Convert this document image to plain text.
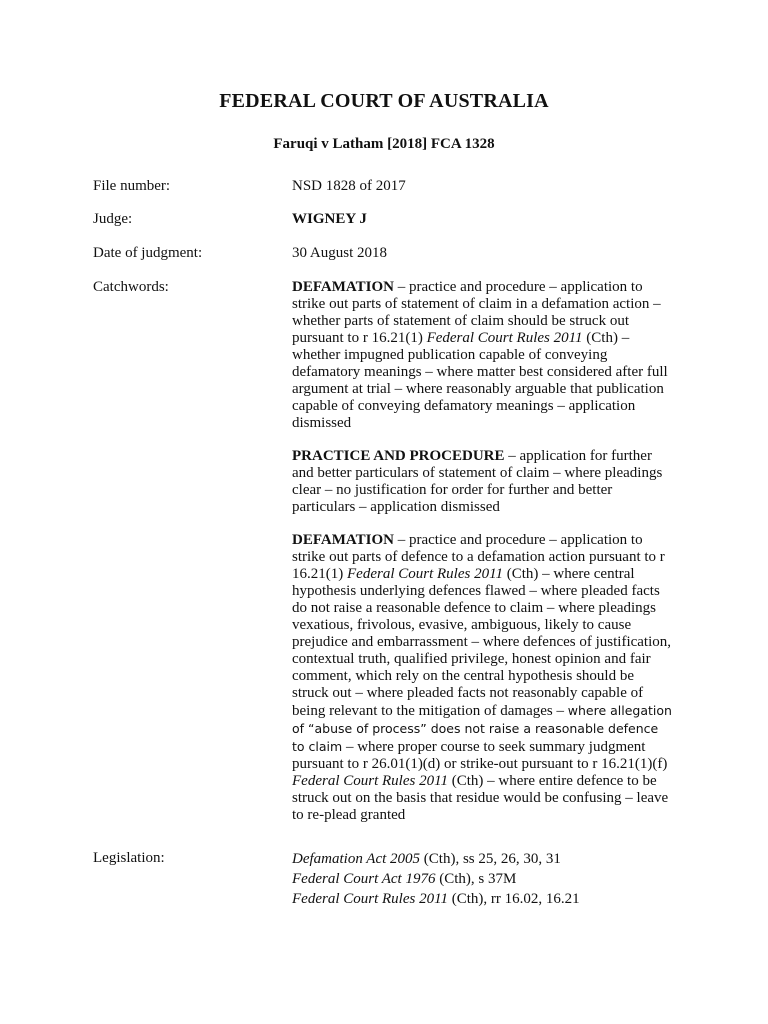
FEDERAL COURT OF AUSTRALIA
Faruqi v Latham [2018] FCA 1328
File number:	NSD 1828 of 2017
Judge:	WIGNEY J
Date of judgment:	30 August 2018
Catchwords:	DEFAMATION – practice and procedure – application to strike out parts of statement of claim in a defamation action – whether parts of statement of claim should be struck out pursuant to r 16.21(1) Federal Court Rules 2011 (Cth) – whether impugned publication capable of conveying defamatory meanings – where matter best considered after full argument at trial – where reasonably arguable that publication capable of conveying defamatory meanings – application dismissed

PRACTICE AND PROCEDURE – application for further and better particulars of statement of claim – where pleadings clear – no justification for order for further and better particulars – application dismissed

DEFAMATION – practice and procedure – application to strike out parts of defence to a defamation action pursuant to r 16.21(1) Federal Court Rules 2011 (Cth) – where central hypothesis underlying defences flawed – where pleaded facts do not raise a reasonable defence to claim – where pleadings vexatious, frivolous, evasive, ambiguous, likely to cause prejudice and embarrassment – where defences of justification, contextual truth, qualified privilege, honest opinion and fair comment, which rely on the central hypothesis should be struck out – where pleaded facts not reasonably capable of being relevant to the mitigation of damages – where allegation of “abuse of process” does not raise a reasonable defence to claim – where proper course to seek summary judgment pursuant to r 26.01(1)(d) or strike-out pursuant to r 16.21(1)(f) Federal Court Rules 2011 (Cth) – where entire defence to be struck out on the basis that residue would be confusing – leave to re-plead granted

Legislation:	Defamation Act 2005 (Cth), ss 25, 26, 30, 31
Federal Court Act 1976 (Cth), s 37M
Federal Court Rules 2011 (Cth), rr 16.02, 16.21
